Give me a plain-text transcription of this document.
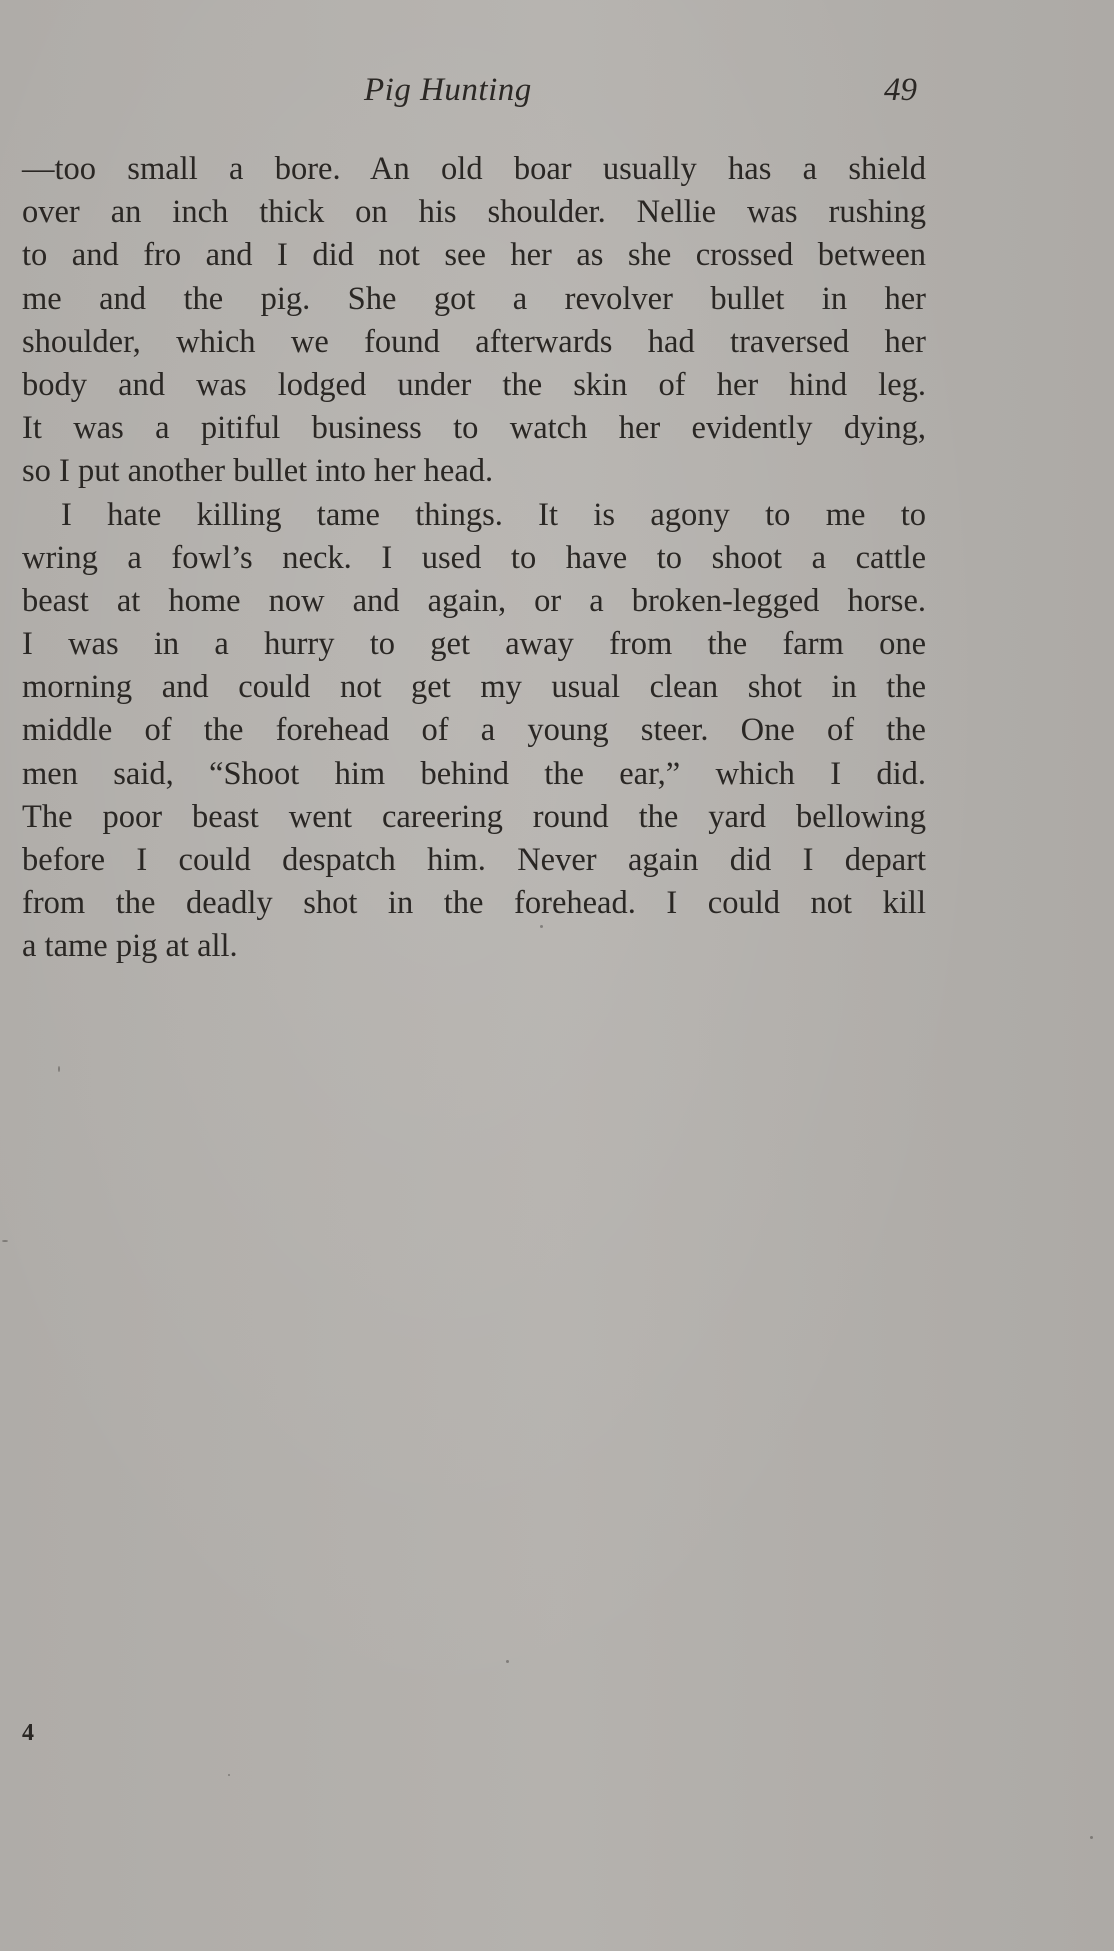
Pig Hunting	49
—too small a bore. An old boar usually has a shield
over an inch thick on his shoulder. Nellie was rushing
to and fro and I did not see her as she crossed between
me and the pig. She got a revolver bullet in her
shoulder, which we found afterwards had traversed her
body and was lodged under the skin of her hind leg.
It was a pitiful business to watch her evidently dying,
so I put another bullet into her head.
I hate killing tame things. It is agony to me to
wring a fowl’s neck. I used to have to shoot a cattle
beast at home now and again, or a broken-legged horse.
I was in a hurry to get away from the farm one
morning and could not get my usual clean shot in the
middle of the forehead of a young steer. One of the
men said, “Shoot him behind the ear,” which I did.
The poor beast went careering round the yard bellowing
before I could despatch him. Never again did I depart
from the deadly shot in the forehead. I could not kill
a tame pig at all.
4
